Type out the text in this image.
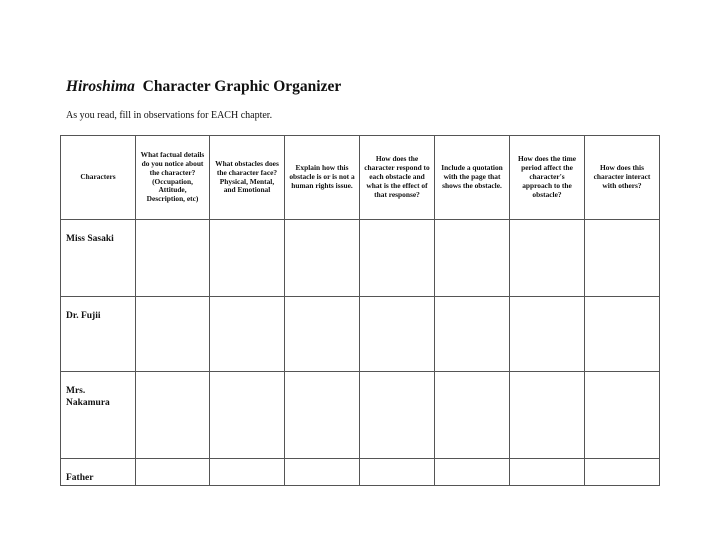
Hiroshima Character Graphic Organizer
As you read, fill in observations for EACH chapter.
Characters	What factual details do you notice about the character? (Occupation, Attitude, Description, etc)	What obstacles does the character face? Physical, Mental, and Emotional	Explain how this obstacle is or is not a human rights issue.	How does the character respond to each obstacle and what is the effect of that response?	Include a quotation with the page that shows the obstacle.	How does the time period affect the character's approach to the obstacle?	How does this character interact with others?
Miss Sasaki							
Dr. Fujii							
Mrs. Nakamura							
Father							
